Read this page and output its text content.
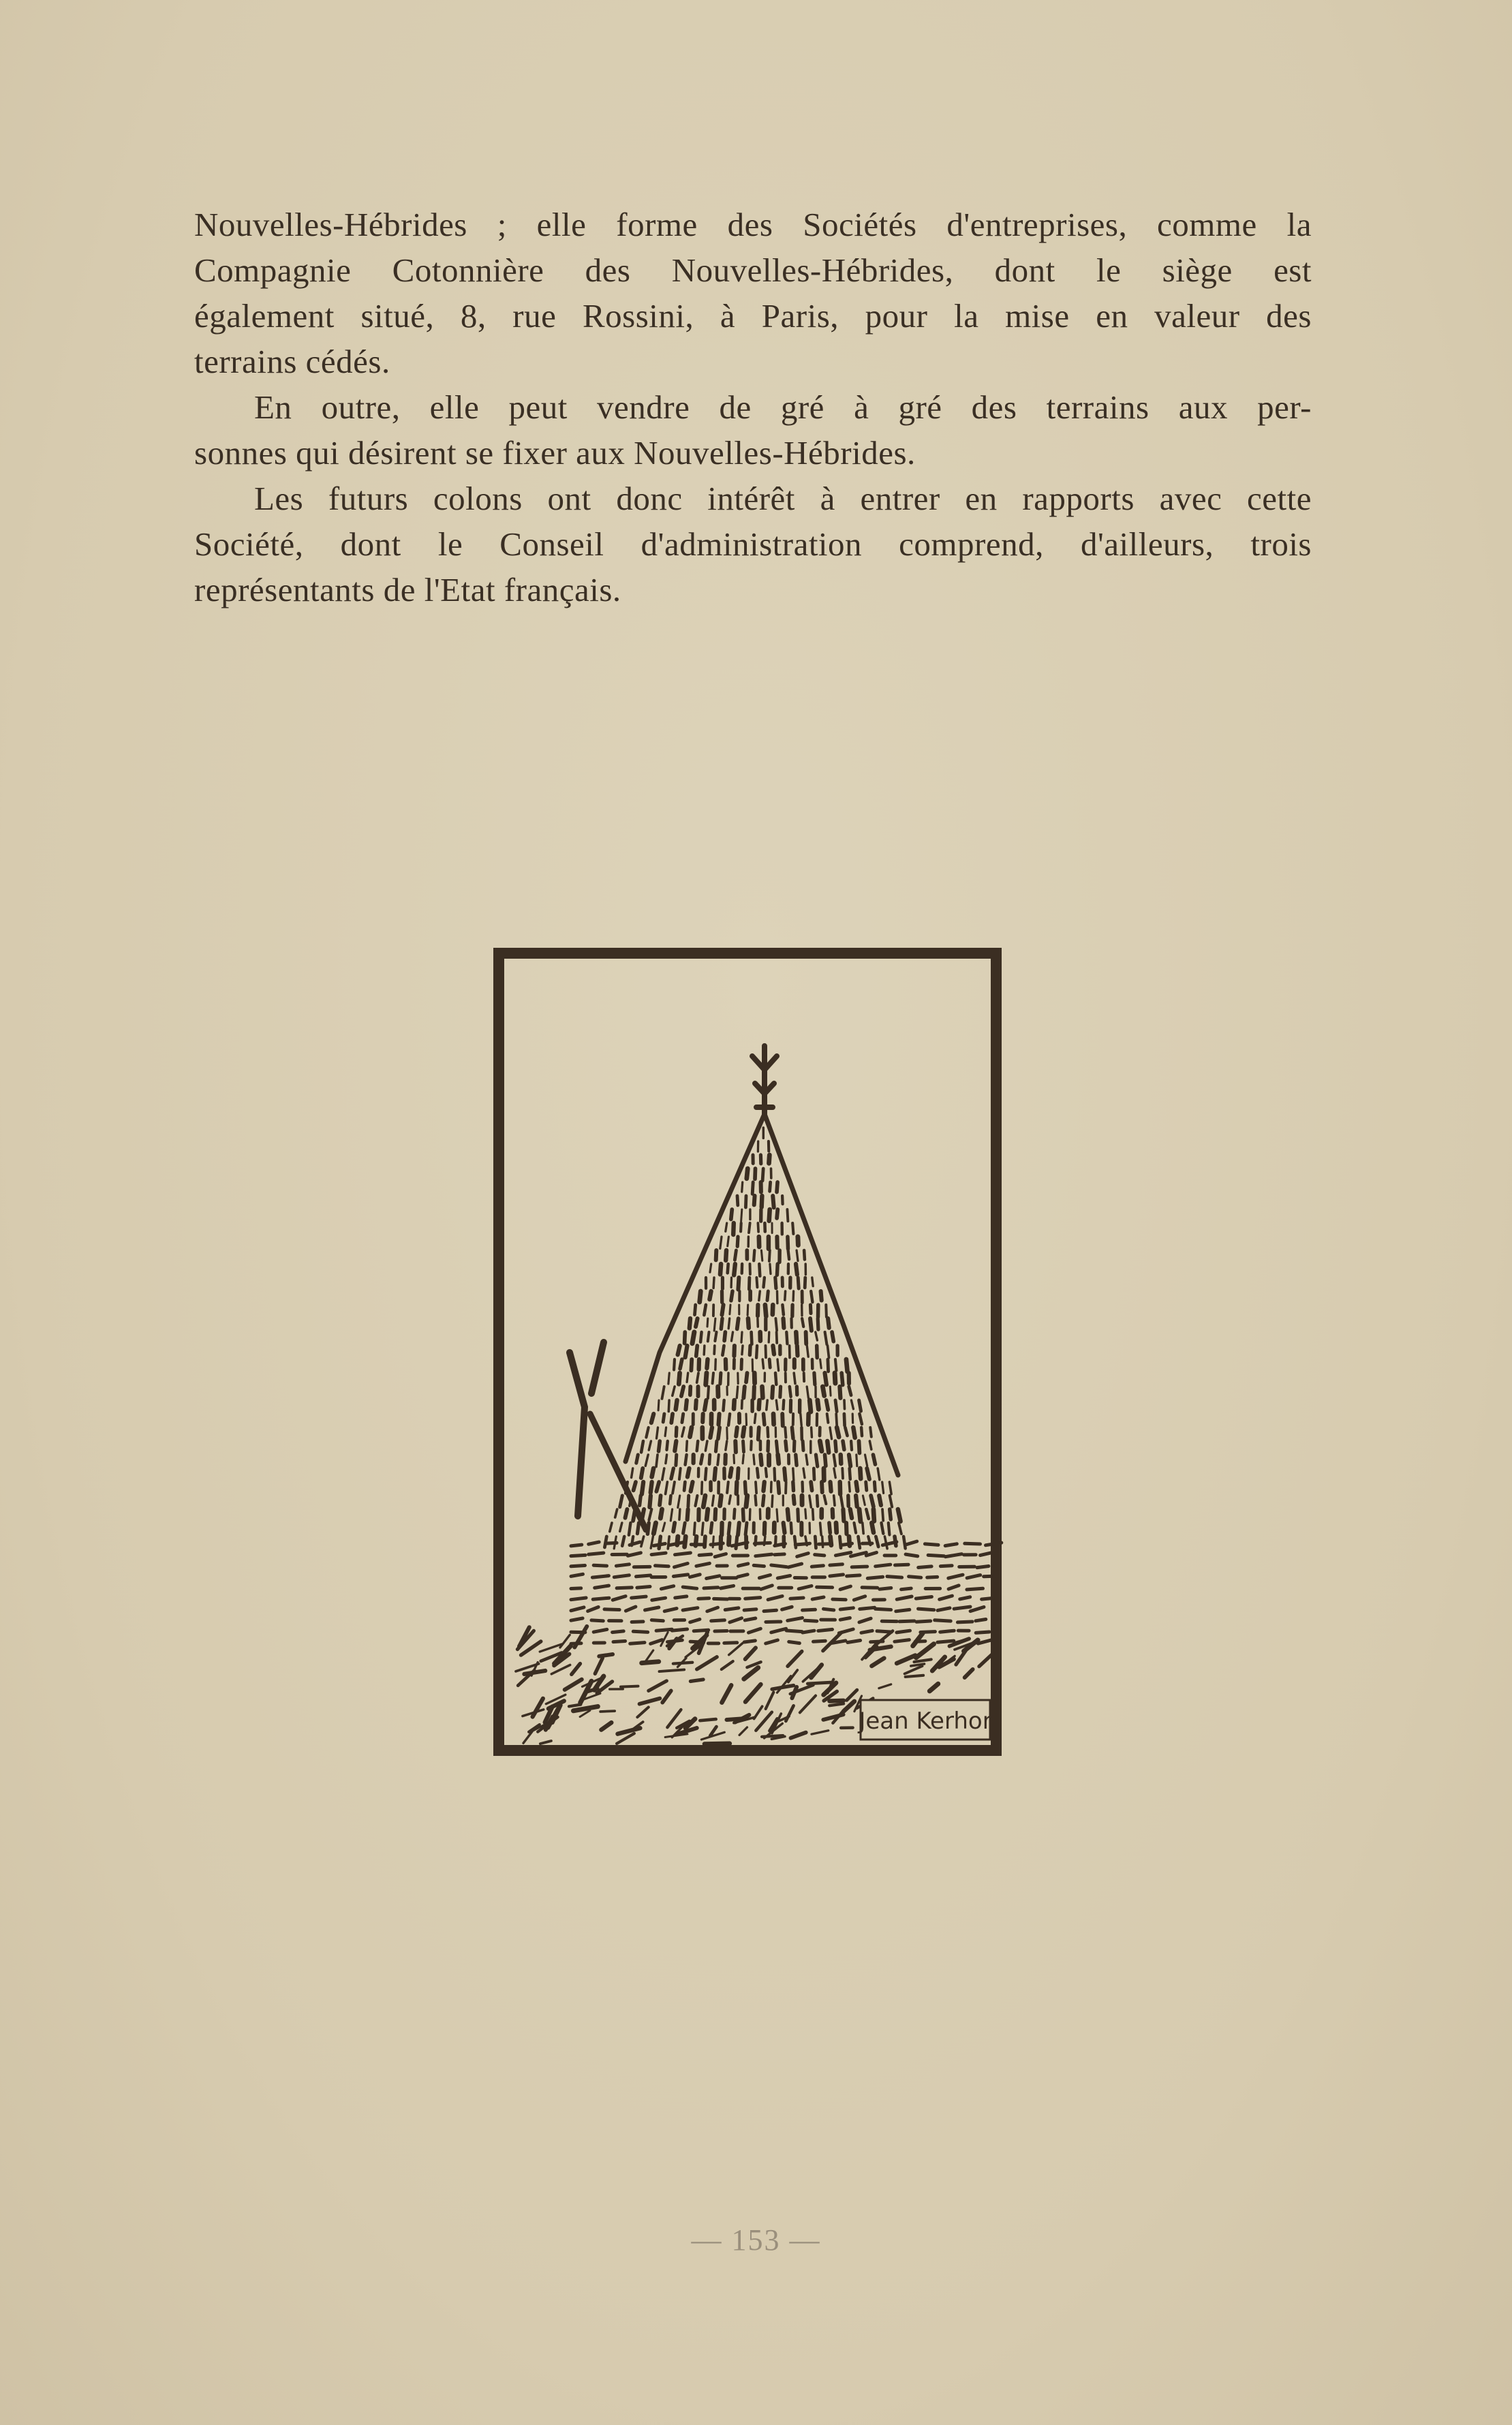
Nouvelles-Hébrides ; elle forme des Sociétés d'entreprises, comme la
Compagnie Cotonnière des Nouvelles-Hébrides, dont le siège est
également situé, 8, rue Rossini, à Paris, pour la mise en valeur des
terrains cédés.

En outre, elle peut vendre de gré à gré des terrains aux per-
sonnes qui désirent se fixer aux Nouvelles-Hébrides.

Les futurs colons ont donc intérêt à entrer en rapports avec cette
Société, dont le Conseil d'administration comprend, d'ailleurs, trois
représentants de l'Etat français.

Jean Kerhor
— 153 —
